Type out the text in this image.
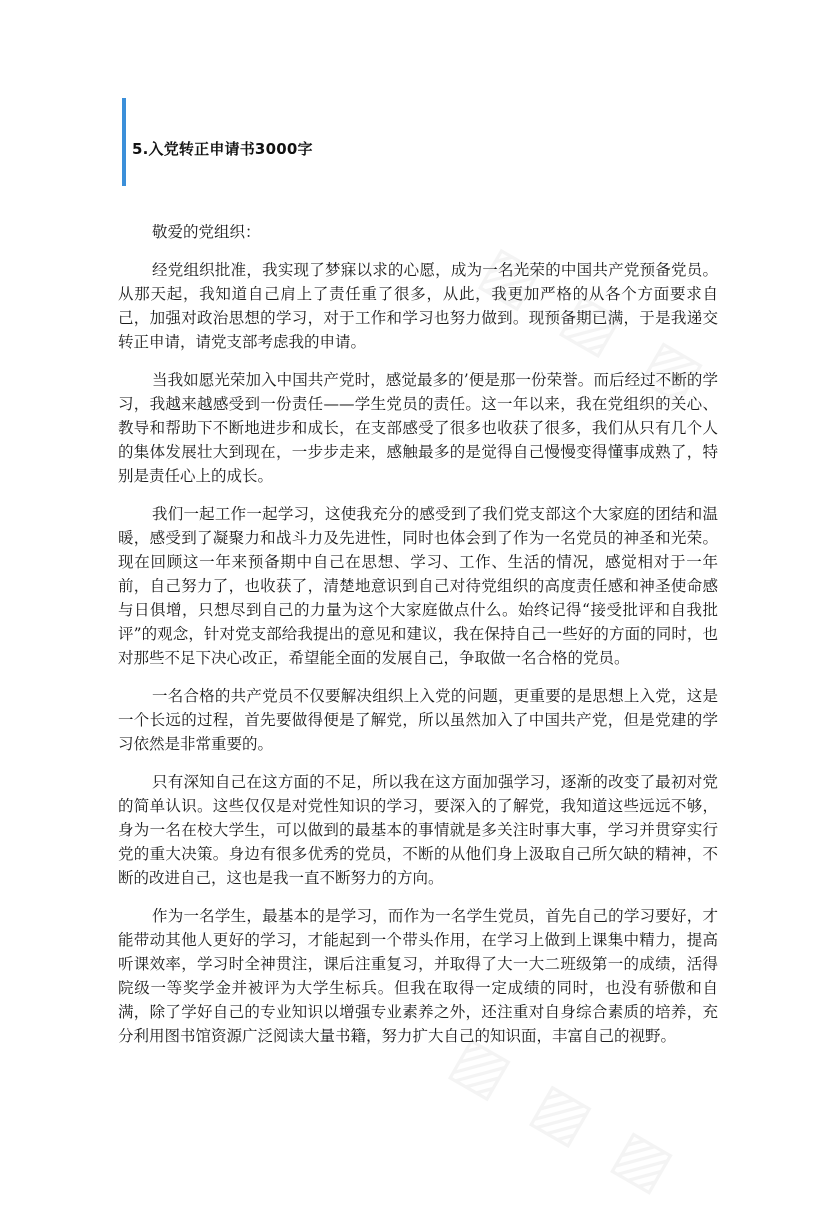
5.入党转正申请书3000字

敬爱的党组织：

经党组织批准，我实现了梦寐以求的心愿，成为一名光荣的中国共产党预备党员。从那天起，我知道自己肩上了责任重了很多，从此，我更加严格的从各个方面要求自己，加强对政治思想的学习，对于工作和学习也努力做到。现预备期已满，于是我递交转正申请，请党支部考虑我的申请。

当我如愿光荣加入中国共产党时，感觉最多的’便是那一份荣誉。而后经过不断的学习，我越来越感受到一份责任——学生党员的责任。这一年以来，我在党组织的关心、教导和帮助下不断地进步和成长，在支部感受了很多也收获了很多，我们从只有几个人的集体发展壮大到现在，一步步走来，感触最多的是觉得自己慢慢变得懂事成熟了，特别是责任心上的成长。

我们一起工作一起学习，这使我充分的感受到了我们党支部这个大家庭的团结和温暖，感受到了凝聚力和战斗力及先进性，同时也体会到了作为一名党员的神圣和光荣。现在回顾这一年来预备期中自己在思想、学习、工作、生活的情况，感觉相对于一年前，自己努力了，也收获了，清楚地意识到自己对待党组织的高度责任感和神圣使命感与日俱增，只想尽到自己的力量为这个大家庭做点什么。始终记得“接受批评和自我批评”的观念，针对党支部给我提出的意见和建议，我在保持自己一些好的方面的同时，也对那些不足下决心改正，希望能全面的发展自己，争取做一名合格的党员。

一名合格的共产党员不仅要解决组织上入党的问题，更重要的是思想上入党，这是一个长远的过程，首先要做得便是了解党，所以虽然加入了中国共产党，但是党建的学习依然是非常重要的。

只有深知自己在这方面的不足，所以我在这方面加强学习，逐渐的改变了最初对党的简单认识。这些仅仅是对党性知识的学习，要深入的了解党，我知道这些远远不够，身为一名在校大学生，可以做到的最基本的事情就是多关注时事大事，学习并贯穿实行党的重大决策。身边有很多优秀的党员，不断的从他们身上汲取自己所欠缺的精神，不断的改进自己，这也是我一直不断努力的方向。

作为一名学生，最基本的是学习，而作为一名学生党员，首先自己的学习要好，才能带动其他人更好的学习，才能起到一个带头作用，在学习上做到上课集中精力，提高听课效率，学习时全神贯注，课后注重复习，并取得了大一大二班级第一的成绩，活得院级一等奖学金并被评为大学生标兵。但我在取得一定成绩的同时，也没有骄傲和自满，除了学好自己的专业知识以增强专业素养之外，还注重对自身综合素质的培养，充分利用图书馆资源广泛阅读大量书籍，努力扩大自己的知识面，丰富自己的视野。
